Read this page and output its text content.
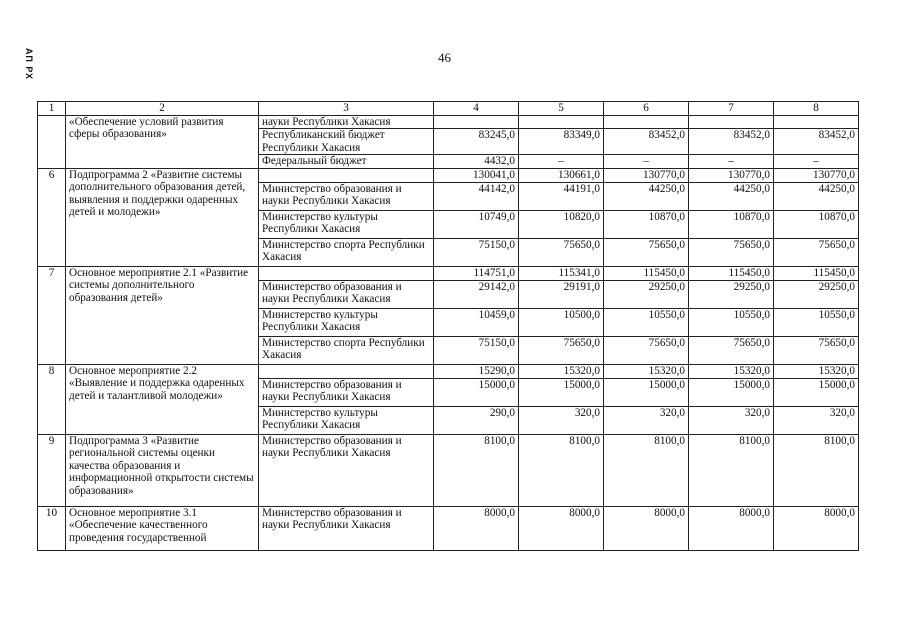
АП РХ	46
1	2	3	4	5	6	7	8
	«Обеспечение условий развития сферы образования»	науки Республики Хакасия					
		Республиканский бюджет Республики Хакасия	83245,0	83349,0	83452,0	83452,0	83452,0
		Федеральный бюджет	4432,0	–	–	–	–
6	Подпрограмма 2 «Развитие системы дополнительного образования детей, выявления и поддержки одаренных детей и молодежи»		130041,0	130661,0	130770,0	130770,0	130770,0
		Министерство образования и науки Республики Хакасия	44142,0	44191,0	44250,0	44250,0	44250,0
		Министерство культуры Республики Хакасия	10749,0	10820,0	10870,0	10870,0	10870,0
		Министерство спорта Республики Хакасия	75150,0	75650,0	75650,0	75650,0	75650,0
7	Основное мероприятие 2.1 «Развитие системы дополнительного образования детей»		114751,0	115341,0	115450,0	115450,0	115450,0
		Министерство образования и науки Республики Хакасия	29142,0	29191,0	29250,0	29250,0	29250,0
		Министерство культуры Республики Хакасия	10459,0	10500,0	10550,0	10550,0	10550,0
		Министерство спорта Республики Хакасия	75150,0	75650,0	75650,0	75650,0	75650,0
8	Основное мероприятие 2.2 «Выявление и поддержка одаренных детей и талантливой молодежи»		15290,0	15320,0	15320,0	15320,0	15320,0
		Министерство образования и науки Республики Хакасия	15000,0	15000,0	15000,0	15000,0	15000,0
		Министерство культуры Республики Хакасия	290,0	320,0	320,0	320,0	320,0
9	Подпрограмма 3 «Развитие региональной системы оценки качества образования и информационной открытости системы образования»	Министерство образования и науки Республики Хакасия	8100,0	8100,0	8100,0	8100,0	8100,0
10	Основное мероприятие 3.1 «Обеспечение качественного проведения государственной	Министерство образования и науки Республики Хакасия	8000,0	8000,0	8000,0	8000,0	8000,0
